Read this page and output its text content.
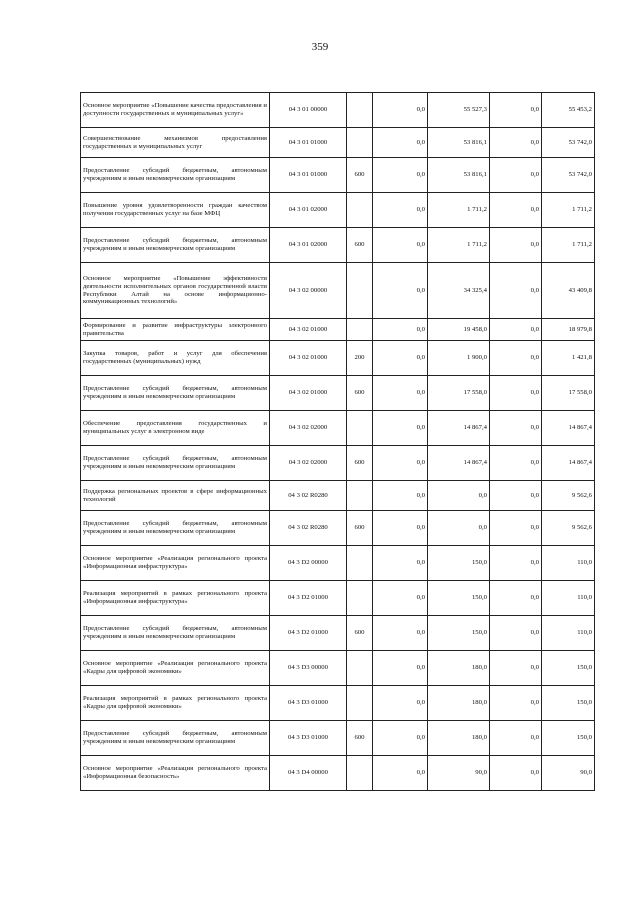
359
Основное мероприятие «Повышение качества предоставления и доступности государственных и муниципальных услуг»	04 3 01 00000		0,0	55 527,3	0,0	55 453,2
Совершенствование механизмов предоставления государственных и муниципальных услуг	04 3 01 01000		0,0	53 816,1	0,0	53 742,0
Предоставление субсидий бюджетным, автономным учреждениям и иным некоммерческим организациям	04 3 01 01000	600	0,0	53 816,1	0,0	53 742,0
Повышение уровня удовлетворенности граждан качеством получения государственных услуг на базе МФЦ	04 3 01 02000		0,0	1 711,2	0,0	1 711,2
Предоставление субсидий бюджетным, автономным учреждениям и иным некоммерческим организациям	04 3 01 02000	600	0,0	1 711,2	0,0	1 711,2
Основное мероприятие «Повышение эффективности деятельности исполнительных органов государственной власти Республики Алтай на основе информационно-коммуникационных технологий»	04 3 02 00000		0,0	34 325,4	0,0	43 409,8
Формирование и развитие инфраструктуры электронного правительства	04 3 02 01000		0,0	19 458,0	0,0	18 979,8
Закупка товаров, работ и услуг для обеспечения государственных (муниципальных) нужд	04 3 02 01000	200	0,0	1 900,0	0,0	1 421,8
Предоставление субсидий бюджетным, автономным учреждениям и иным некоммерческим организациям	04 3 02 01000	600	0,0	17 558,0	0,0	17 558,0
Обеспечение предоставления государственных и муниципальных услуг в электронном виде	04 3 02 02000		0,0	14 867,4	0,0	14 867,4
Предоставление субсидий бюджетным, автономным учреждениям и иным некоммерческим организациям	04 3 02 02000	600	0,0	14 867,4	0,0	14 867,4
Поддержка региональных проектов в сфере информационных технологий	04 3 02 R0280		0,0	0,0	0,0	9 562,6
Предоставление субсидий бюджетным, автономным учреждениям и иным некоммерческим организациям	04 3 02 R0280	600	0,0	0,0	0,0	9 562,6
Основное мероприятие «Реализация регионального проекта «Информационная инфраструктура»	04 3 D2 00000		0,0	150,0	0,0	110,0
Реализация мероприятий в рамках регионального проекта «Информационная инфраструктура»	04 3 D2 01000		0,0	150,0	0,0	110,0
Предоставление субсидий бюджетным, автономным учреждениям и иным некоммерческим организациям	04 3 D2 01000	600	0,0	150,0	0,0	110,0
Основное мероприятие «Реализация регионального проекта «Кадры для цифровой экономики»	04 3 D3 00000		0,0	180,0	0,0	150,0
Реализация мероприятий в рамках регионального проекта «Кадры для цифровой экономики»	04 3 D3 01000		0,0	180,0	0,0	150,0
Предоставление субсидий бюджетным, автономным учреждениям и иным некоммерческим организациям	04 3 D3 01000	600	0,0	180,0	0,0	150,0
Основное мероприятие «Реализация регионального проекта «Информационная безопасность»	04 3 D4 00000		0,0	90,0	0,0	90,0
